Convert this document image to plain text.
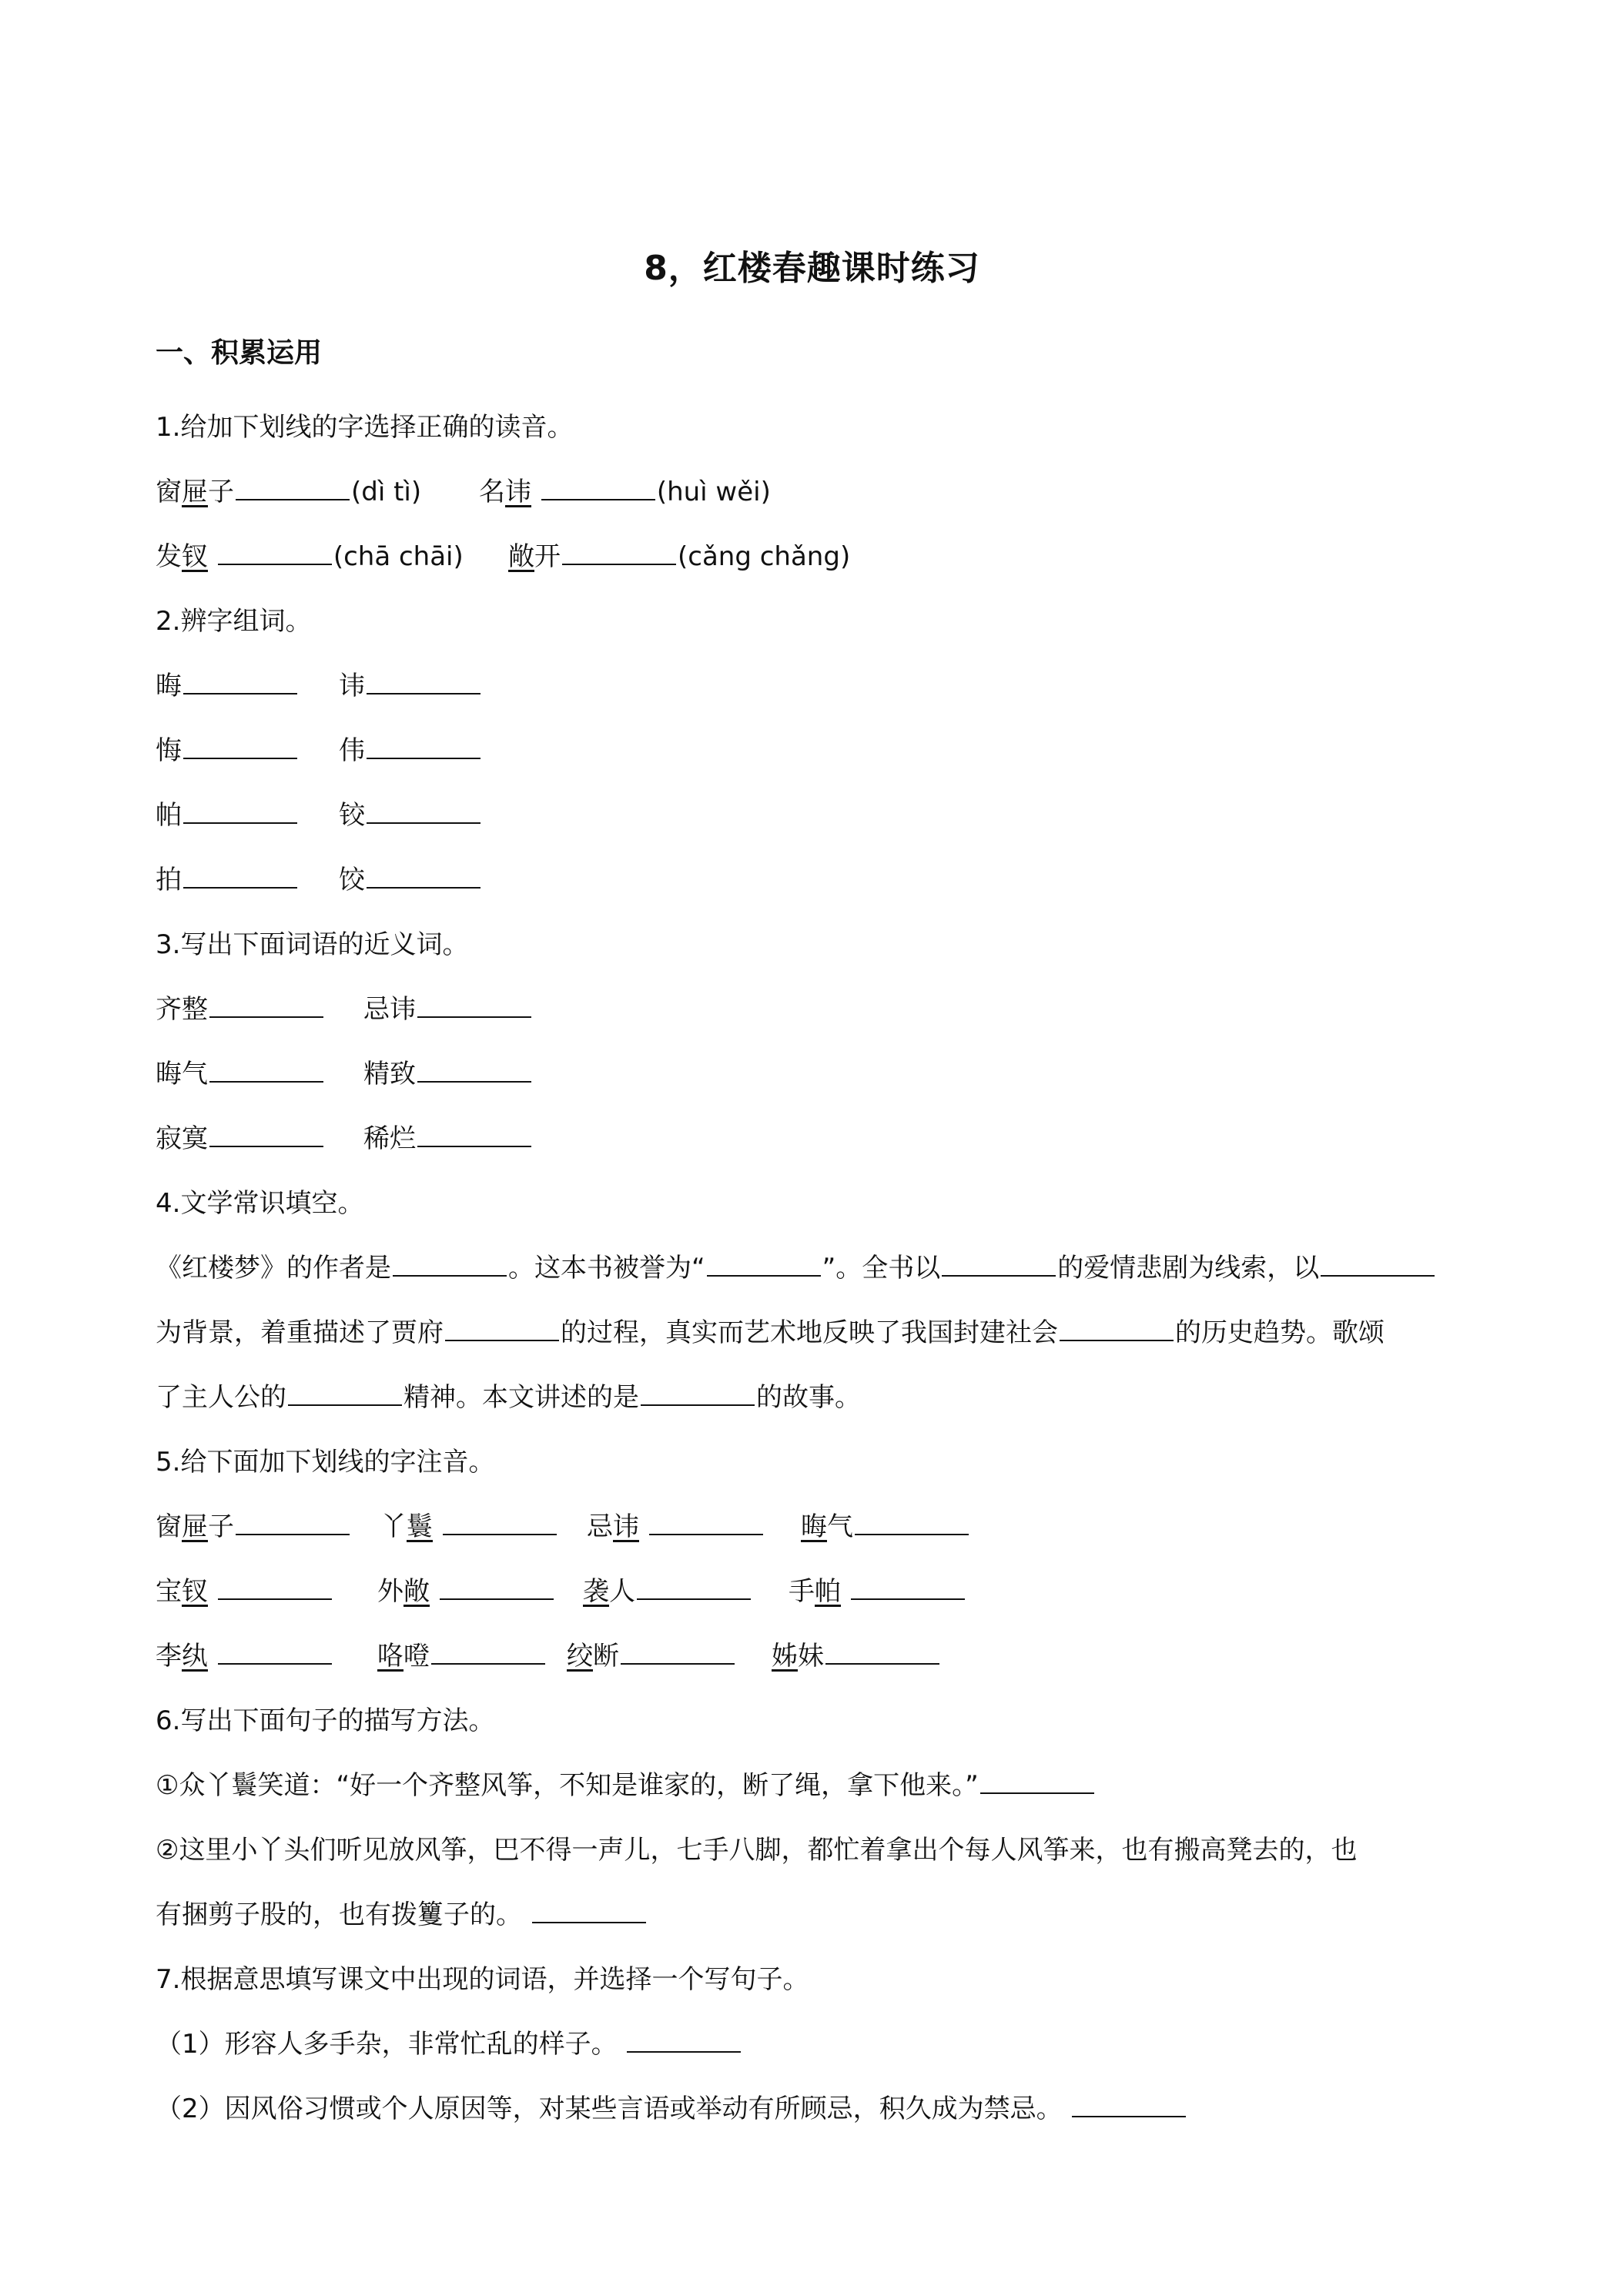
8，红楼春趣课时练习
一、积累运用
1.给加下划线的字选择正确的读音。
窗屉子	(dì tì) 名讳	(huì wěi)
发钗	(chā chāi) 敞开	(cǎng chǎng)
2.辨字组词。
晦	讳
悔	伟
帕	铰
拍	饺
3.写出下面词语的近义词。
齐整	忌讳
晦气	精致
寂寞	稀烂
4.文学常识填空。
《红楼梦》的作者是	。这本书被誉为“	”。全书以	的爱情悲剧为线索，以
为背景，着重描述了贾府	的过程，真实而艺术地反映了我国封建社会	的历史趋势。歌颂
了主人公的	精神。本文讲述的是	的故事。
5.给下面加下划线的字注音。
窗屉子	丫鬟	忌讳	晦气
宝钗	外敞	袭人	手帕
李纨	咯噔	绞断	姊妹
6.写出下面句子的描写方法。
①众丫鬟笑道：“好一个齐整风筝，不知是谁家的，断了绳，拿下他来。”
②这里小丫头们听见放风筝，巴不得一声儿，七手八脚，都忙着拿出个每人风筝来，也有搬高凳去的，也
有捆剪子股的，也有拨籰子的。
7.根据意思填写课文中出现的词语，并选择一个写句子。
（1）形容人多手杂，非常忙乱的样子。
（2）因风俗习惯或个人原因等，对某些言语或举动有所顾忌，积久成为禁忌。
